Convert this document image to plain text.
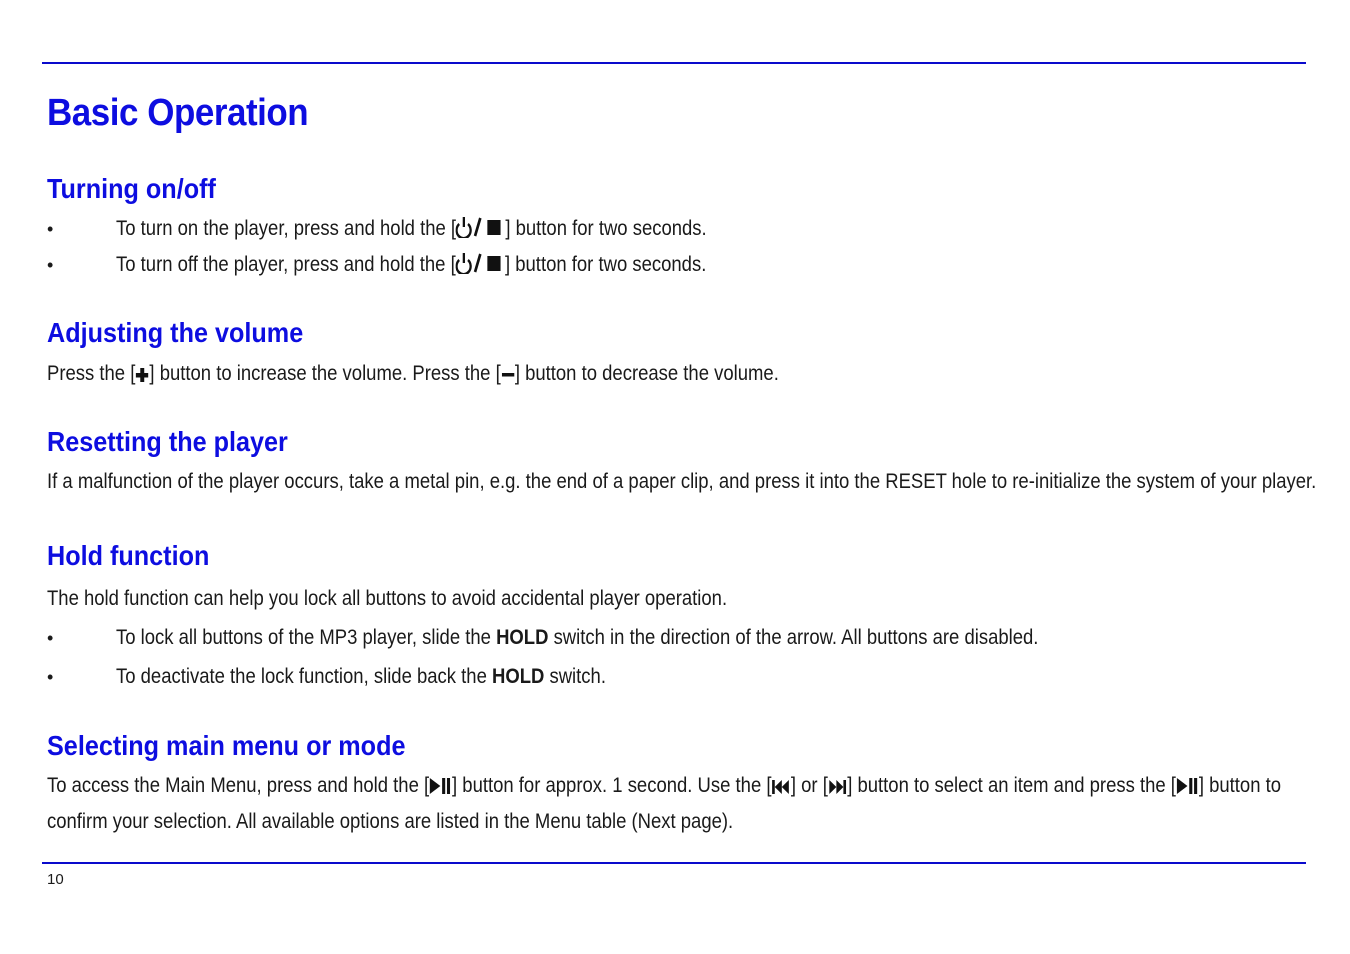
Basic Operation
Turning on/off
•	To turn on the player, press and hold the [ ] button for two seconds.
•	To turn off the player, press and hold the [ ] button for two seconds.
Adjusting the volume

Press the [ ] button to increase the volume. Press the [ ] button to decrease the volume.

Resetting the player

If a malfunction of the player occurs, take a metal pin, e.g. the end of a paper clip, and press it into the RESET hole to re-initialize the system of your player.

Hold function

The hold function can help you lock all buttons to avoid accidental player operation.

•	To lock all buttons of the MP3 player, slide the HOLD switch in the direction of the arrow. All buttons are disabled.
•	To deactivate the lock function, slide back the HOLD switch.
Selecting main menu or mode

To access the Main Menu, press and hold the [ ] button for approx. 1 second. Use the [ ] or [ ] button to select an item and press the [ ] button to confirm your selection. All available options are listed in the Menu table (Next page).

10
